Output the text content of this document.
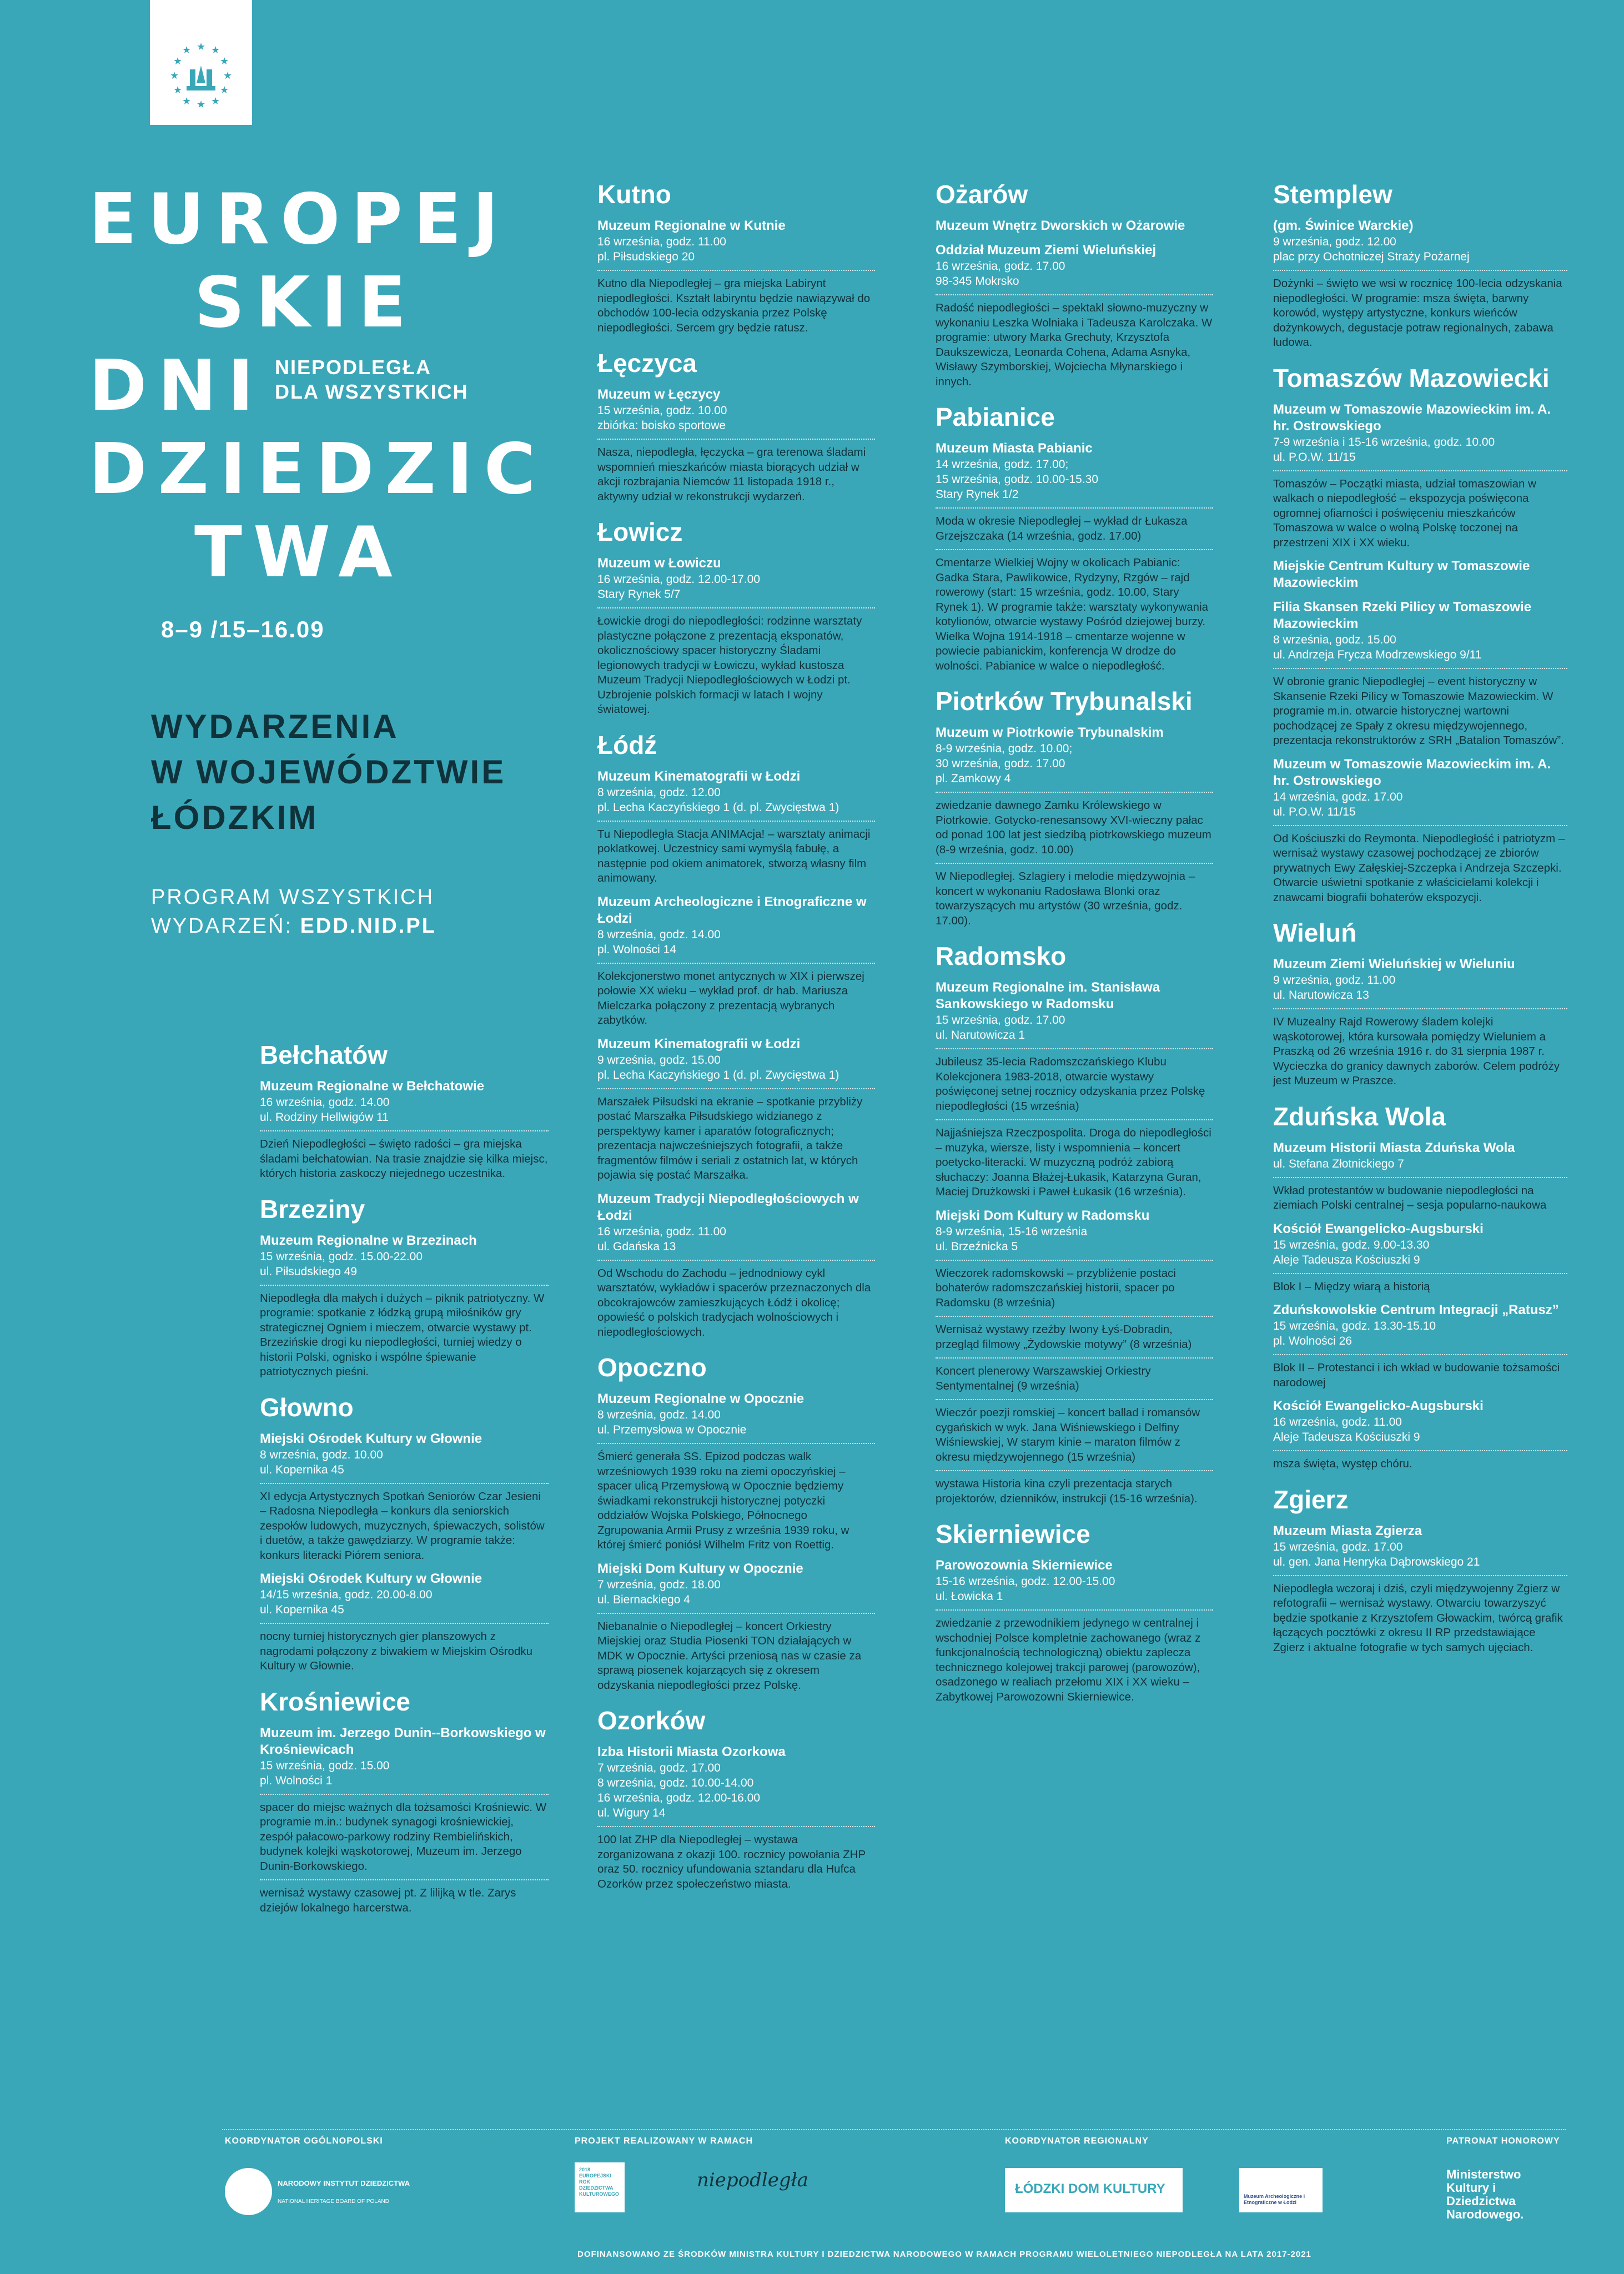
★ ★
★
★
★
★
★
★
★
★
★
★
EUROPEJ
SKIE
DNI
DZIEDZIC
TWA
NIEPODLEGŁA
DLA WSZYSTKICH
8–9 /15–16.09
WYDARZENIA
W WOJEWÓDZTWIE
ŁÓDZKIM
PROGRAM WSZYSTKICH
WYDARZEŃ: EDD.NID.PL
Bełchatów
Muzeum Regionalne w Bełchatowie
16 września, godz. 14.00
ul. Rodziny Hellwigów 11
Dzień Niepodległości – święto radości – gra miejska śladami bełchatowian. Na trasie znajdzie się kilka miejsc, których historia zaskoczy niejednego uczestnika.
Brzeziny
Muzeum Regionalne w Brzezinach
15 września, godz. 15.00-22.00
ul. Piłsudskiego 49
Niepodległa dla małych i dużych – piknik patriotyczny. W programie: spotkanie z łódzką grupą miłośników gry strategicznej Ogniem i mieczem, otwarcie wystawy pt. Brzezińskie drogi ku niepodległości, turniej wiedzy o historii Polski, ognisko i wspólne śpiewanie patriotycznych pieśni.
Głowno
Miejski Ośrodek Kultury w Głownie
8 września, godz. 10.00
ul. Kopernika 45
XI edycja Artystycznych Spotkań Seniorów Czar Jesieni – Radosna Niepodległa – konkurs dla seniorskich zespołów ludowych, muzycznych, śpiewaczych, solistów i duetów, a także gawędziarzy. W programie także: konkurs literacki Piórem seniora.
Miejski Ośrodek Kultury w Głownie
14/15 września, godz. 20.00-8.00
ul. Kopernika 45
nocny turniej historycznych gier planszowych z nagrodami połączony z biwakiem w Miejskim Ośrodku Kultury w Głownie.
Krośniewice
Muzeum im. Jerzego Dunin--Borkowskiego w Krośniewicach
15 września, godz. 15.00
pl. Wolności 1
spacer do miejsc ważnych dla tożsamości Krośniewic. W programie m.in.: budynek synagogi krośniewickiej, zespół pałacowo-parkowy rodziny Rembielińskich, budynek kolejki wąskotorowej, Muzeum im. Jerzego Dunin-Borkowskiego.
wernisaż wystawy czasowej pt. Z lilijką w tle. Zarys dziejów lokalnego harcerstwa.
Kutno
Muzeum Regionalne w Kutnie
16 września, godz. 11.00
pl. Piłsudskiego 20
Kutno dla Niepodległej – gra miejska Labirynt niepodległości. Kształt labiryntu będzie nawiązywał do obchodów 100-lecia odzyskania przez Polskę niepodległości. Sercem gry będzie ratusz.
Łęczyca
Muzeum w Łęczycy
15 września, godz. 10.00
zbiórka: boisko sportowe
Nasza, niepodległa, łęczycka – gra terenowa śladami wspomnień mieszkańców miasta biorących udział w akcji rozbrajania Niemców 11 listopada 1918 r., aktywny udział w rekonstrukcji wydarzeń.
Łowicz
Muzeum w Łowiczu
16 września, godz. 12.00-17.00
Stary Rynek 5/7
Łowickie drogi do niepodległości: rodzinne warsztaty plastyczne połączone z prezentacją eksponatów, okolicznościowy spacer historyczny Śladami legionowych tradycji w Łowiczu, wykład kustosza Muzeum Tradycji Niepodległościowych w Łodzi pt. Uzbrojenie polskich formacji w latach I wojny światowej.
Łódź
Muzeum Kinematografii w Łodzi
8 września, godz. 12.00
pl. Lecha Kaczyńskiego 1 (d. pl. Zwycięstwa 1)
Tu Niepodległa Stacja ANIMAcja! – warsztaty animacji poklatkowej. Uczestnicy sami wymyślą fabułę, a następnie pod okiem animatorek, stworzą własny film animowany.
Muzeum Archeologiczne i Etnograficzne w Łodzi
8 września, godz. 14.00
pl. Wolności 14
Kolekcjonerstwo monet antycznych w XIX i pierwszej połowie XX wieku – wykład prof. dr hab. Mariusza Mielczarka połączony z prezentacją wybranych zabytków.
Muzeum Kinematografii w Łodzi
9 września, godz. 15.00
pl. Lecha Kaczyńskiego 1 (d. pl. Zwycięstwa 1)
Marszałek Piłsudski na ekranie – spotkanie przybliży postać Marszałka Piłsudskiego widzianego z perspektywy kamer i aparatów fotograficznych; prezentacja najwcześniejszych fotografii, a także fragmentów filmów i seriali z ostatnich lat, w których pojawia się postać Marszałka.
Muzeum Tradycji Niepodległościowych w Łodzi
16 września, godz. 11.00
ul. Gdańska 13
Od Wschodu do Zachodu – jednodniowy cykl warsztatów, wykładów i spacerów przeznaczonych dla obcokrajowców zamieszkujących Łódź i okolicę; opowieść o polskich tradycjach wolnościowych i niepodległościowych.
Opoczno
Muzeum Regionalne w Opocznie
8 września, godz. 14.00
ul. Przemysłowa w Opocznie
Śmierć generała SS. Epizod podczas walk wrześniowych 1939 roku na ziemi opoczyńskiej – spacer ulicą Przemysłową w Opocznie będziemy świadkami rekonstrukcji historycznej potyczki oddziałów Wojska Polskiego, Północnego Zgrupowania Armii Prusy z września 1939 roku, w której śmierć poniósł Wilhelm Fritz von Roettig.
Miejski Dom Kultury w Opocznie
7 września, godz. 18.00
ul. Biernackiego 4
Niebanalnie o Niepodległej – koncert Orkiestry Miejskiej oraz Studia Piosenki TON działających w MDK w Opocznie. Artyści przeniosą nas w czasie za sprawą piosenek kojarzących się z okresem odzyskania niepodległości przez Polskę.
Ozorków
Izba Historii Miasta Ozorkowa
7 września, godz. 17.00
8 września, godz. 10.00-14.00
16 września, godz. 12.00-16.00
ul. Wigury 14
100 lat ZHP dla Niepodległej – wystawa zorganizowana z okazji 100. rocznicy powołania ZHP oraz 50. rocznicy ufundowania sztandaru dla Hufca Ozorków przez społeczeństwo miasta.
Ożarów
Muzeum Wnętrz Dworskich w Ożarowie
Oddział Muzeum Ziemi Wieluńskiej
16 września, godz. 17.00
98-345 Mokrsko
Radość niepodległości – spektakl słowno-muzyczny w wykonaniu Leszka Wolniaka i Tadeusza Karolczaka. W programie: utwory Marka Grechuty, Krzysztofa Daukszewicza, Leonarda Cohena, Adama Asnyka, Wisławy Szymborskiej, Wojciecha Młynarskiego i innych.
Pabianice
Muzeum Miasta Pabianic
14 września, godz. 17.00;
15 września, godz. 10.00-15.30
Stary Rynek 1/2
Moda w okresie Niepodległej – wykład dr Łukasza Grzejszczaka (14 września, godz. 17.00)
Cmentarze Wielkiej Wojny w okolicach Pabianic: Gadka Stara, Pawlikowice, Rydzyny, Rzgów – rajd rowerowy (start: 15 września, godz. 10.00, Stary Rynek 1). W programie także: warsztaty wykonywania kotylionów, otwarcie wystawy Pośród dziejowej burzy. Wielka Wojna 1914-1918 – cmentarze wojenne w powiecie pabianickim, konferencja W drodze do wolności. Pabianice w walce o niepodległość.
Piotrków Trybunalski
Muzeum w Piotrkowie Trybunalskim
8-9 września, godz. 10.00;
30 września, godz. 17.00
pl. Zamkowy 4
zwiedzanie dawnego Zamku Królewskiego w Piotrkowie. Gotycko-renesansowy XVI-wieczny pałac od ponad 100 lat jest siedzibą piotrkowskiego muzeum (8-9 września, godz. 10.00)
W Niepodległej. Szlagiery i melodie międzywojnia – koncert w wykonaniu Radosława Blonki oraz towarzyszących mu artystów (30 września, godz. 17.00).
Radomsko
Muzeum Regionalne im. Stanisława Sankowskiego w Radomsku
15 września, godz. 17.00
ul. Narutowicza 1
Jubileusz 35-lecia Radomszczańskiego Klubu Kolekcjonera 1983-2018, otwarcie wystawy poświęconej setnej rocznicy odzyskania przez Polskę niepodległości (15 września)
Najjaśniejsza Rzeczpospolita. Droga do niepodległości – muzyka, wiersze, listy i wspomnienia – koncert poetycko-literacki. W muzyczną podróż zabiorą słuchaczy: Joanna Błażej-Łukasik, Katarzyna Guran, Maciej Drużkowski i Paweł Łukasik (16 września).
Miejski Dom Kultury w Radomsku
8-9 września, 15-16 września
ul. Brzeźnicka 5
Wieczorek radomskowski – przybliżenie postaci bohaterów radomszczańskiej historii, spacer po Radomsku (8 września)
Wernisaż wystawy rzeźby Iwony Łyś-Dobradin, przegląd filmowy „Żydowskie motywy” (8 września)
Koncert plenerowy Warszawskiej Orkiestry Sentymentalnej (9 września)
Wieczór poezji romskiej – koncert ballad i romansów cygańskich w wyk. Jana Wiśniewskiego i Delfiny Wiśniewskiej, W starym kinie – maraton filmów z okresu międzywojennego (15 września)
wystawa Historia kina czyli prezentacja starych projektorów, dzienników, instrukcji (15-16 września).
Skierniewice
Parowozownia Skierniewice
15-16 września, godz. 12.00-15.00
ul. Łowicka 1
zwiedzanie z przewodnikiem jedynego w centralnej i wschodniej Polsce kompletnie zachowanego (wraz z funkcjonalnością technologiczną) obiektu zaplecza technicznego kolejowej trakcji parowej (parowozów), osadzonego w realiach przełomu XIX i XX wieku – Zabytkowej Parowozowni Skierniewice.
Stemplew
(gm. Świnice Warckie)
9 września, godz. 12.00
plac przy Ochotniczej Straży Pożarnej
Dożynki – święto we wsi w rocznicę 100-lecia odzyskania niepodległości. W programie: msza święta, barwny korowód, występy artystyczne, konkurs wieńców dożynkowych, degustacje potraw regionalnych, zabawa ludowa.
Tomaszów Mazowiecki
Muzeum w Tomaszowie Mazowieckim im. A. hr. Ostrowskiego
7-9 września i 15-16 września, godz. 10.00
ul. P.O.W. 11/15
Tomaszów – Początki miasta, udział tomaszowian w walkach o niepodległość – ekspozycja poświęcona ogromnej ofiarności i poświęceniu mieszkańców Tomaszowa w walce o wolną Polskę toczonej na przestrzeni XIX i XX wieku.
Miejskie Centrum Kultury w Tomaszowie Mazowieckim
Filia Skansen Rzeki Pilicy w Tomaszowie Mazowieckim
8 września, godz. 15.00
ul. Andrzeja Frycza Modrzewskiego 9/11
W obronie granic Niepodległej – event historyczny w Skansenie Rzeki Pilicy w Tomaszowie Mazowieckim. W programie m.in. otwarcie historycznej wartowni pochodzącej ze Spały z okresu międzywojennego, prezentacja rekonstruktorów z SRH „Batalion Tomaszów”.
Muzeum w Tomaszowie Mazowieckim im. A. hr. Ostrowskiego
14 września, godz. 17.00
ul. P.O.W. 11/15
Od Kościuszki do Reymonta. Niepodległość i patriotyzm – wernisaż wystawy czasowej pochodzącej ze zbiorów prywatnych Ewy Załęskiej-Szczepka i Andrzeja Szczepki. Otwarcie uświetni spotkanie z właścicielami kolekcji i znawcami biografii bohaterów ekspozycji.
Wieluń
Muzeum Ziemi Wieluńskiej w Wieluniu
9 września, godz. 11.00
ul. Narutowicza 13
IV Muzealny Rajd Rowerowy śladem kolejki wąskotorowej, która kursowała pomiędzy Wieluniem a Praszką od 26 września 1916 r. do 31 sierpnia 1987 r. Wycieczka do granicy dawnych zaborów. Celem podróży jest Muzeum w Praszce.
Zduńska Wola
Muzeum Historii Miasta Zduńska Wola
ul. Stefana Złotnickiego 7
Wkład protestantów w budowanie niepodległości na ziemiach Polski centralnej – sesja popularno-naukowa
Kościół Ewangelicko-Augsburski
15 września, godz. 9.00-13.30
Aleje Tadeusza Kościuszki 9
Blok I – Między wiarą a historią
Zduńskowolskie Centrum Integracji „Ratusz”
15 września, godz. 13.30-15.10
pl. Wolności 26
Blok II – Protestanci i ich wkład w budowanie tożsamości narodowej
Kościół Ewangelicko-Augsburski
16 września, godz. 11.00
Aleje Tadeusza Kościuszki 9
msza święta, występ chóru.
Zgierz
Muzeum Miasta Zgierza
15 września, godz. 17.00
ul. gen. Jana Henryka Dąbrowskiego 21
Niepodległa wczoraj i dziś, czyli międzywojenny Zgierz w refotografii – wernisaż wystawy. Otwarciu towarzyszyć będzie spotkanie z Krzysztofem Głowackim, twórcą grafik łączących pocztówki z okresu II RP przedstawiające Zgierz i aktualne fotografie w tych samych ujęciach.
KOORDYNATOR OGÓLNOPOLSKI	PROJEKT REALIZOWANY W RAMACH	KOORDYNATOR REGIONALNY	PATRONAT HONOROWY
NARODOWY INSTYTUT DZIEDZICTWA
NATIONAL HERITAGE BOARD OF POLAND
2018 EUROPEJSKI ROK DZIEDZICTWA KULTUROWEGO
niepodległa	ŁÓDZKI DOM KULTURY	Muzeum Archeologiczne i Etnograficzne w Łodzi
Ministerstwo Kultury i Dziedzictwa Narodowego.
DOFINANSOWANO ZE ŚRODKÓW MINISTRA KULTURY I DZIEDZICTWA NARODOWEGO W RAMACH PROGRAMU WIELOLETNIEGO NIEPODLEGŁA NA LATA 2017-2021
